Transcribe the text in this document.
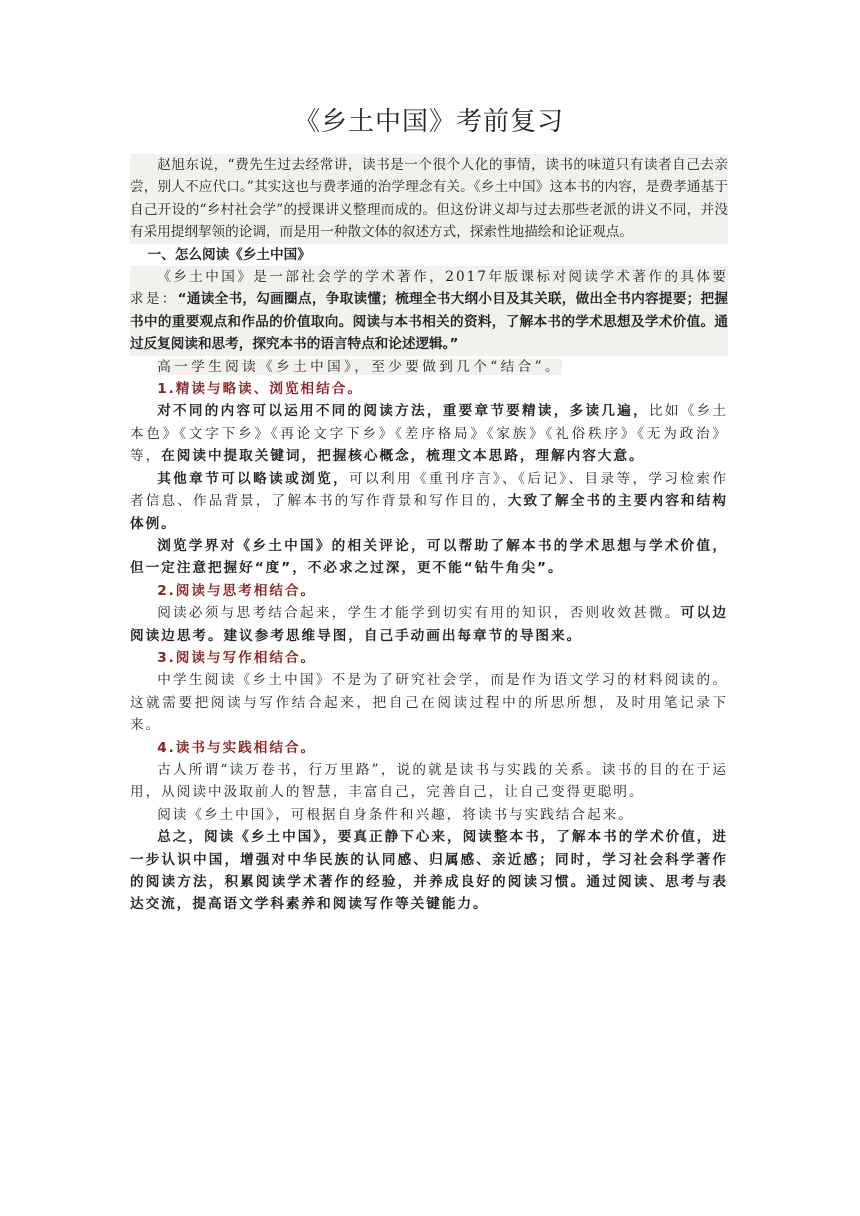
《乡土中国》考前复习

赵旭东说，“费先生过去经常讲，读书是一个很个人化的事情，读书的味道只有读者自己去亲尝，别人不应代口。”其实这也与费孝通的治学理念有关。《乡土中国》这本书的内容，是费孝通基于自己开设的“乡村社会学”的授课讲义整理而成的。但这份讲义却与过去那些老派的讲义不同，并没有采用提纲挈领的论调，而是用一种散文体的叙述方式，探索性地描绘和论证观点。

一、怎么阅读《乡土中国》

《乡土中国》是一部社会学的学术著作，2017年版课标对阅读学术著作的具体要求是：“通读全书，勾画圈点，争取读懂；梳理全书大纲小目及其关联，做出全书内容提要；把握书中的重要观点和作品的价值取向。阅读与本书相关的资料，了解本书的学术思想及学术价值。通过反复阅读和思考，探究本书的语言特点和论述逻辑。”

高一学生阅读《乡土中国》，至少要做到几个“结合”。

1.精读与略读、浏览相结合。

对不同的内容可以运用不同的阅读方法，重要章节要精读，多读几遍，比如《乡土本色》《文字下乡》《再论文字下乡》《差序格局》《家族》《礼俗秩序》《无为政治》等，在阅读中提取关键词，把握核心概念，梳理文本思路，理解内容大意。

其他章节可以略读或浏览，可以利用《重刊序言》、《后记》、目录等，学习检索作者信息、作品背景，了解本书的写作背景和写作目的，大致了解全书的主要内容和结构体例。

浏览学界对《乡土中国》的相关评论，可以帮助了解本书的学术思想与学术价值，但一定注意把握好“度”，不必求之过深，更不能“钻牛角尖”。

2.阅读与思考相结合。

阅读必须与思考结合起来，学生才能学到切实有用的知识，否则收效甚微。可以边阅读边思考。建议参考思维导图，自己手动画出每章节的导图来。

3.阅读与写作相结合。

中学生阅读《乡土中国》不是为了研究社会学，而是作为语文学习的材料阅读的。这就需要把阅读与写作结合起来，把自己在阅读过程中的所思所想，及时用笔记录下来。

4.读书与实践相结合。

古人所谓“读万卷书，行万里路”，说的就是读书与实践的关系。读书的目的在于运用，从阅读中汲取前人的智慧，丰富自己，完善自己，让自己变得更聪明。

阅读《乡土中国》，可根据自身条件和兴趣，将读书与实践结合起来。

总之，阅读《乡土中国》，要真正静下心来，阅读整本书，了解本书的学术价值，进一步认识中国，增强对中华民族的认同感、归属感、亲近感；同时，学习社会科学著作的阅读方法，积累阅读学术著作的经验，并养成良好的阅读习惯。通过阅读、思考与表达交流，提高语文学科素养和阅读写作等关键能力。
